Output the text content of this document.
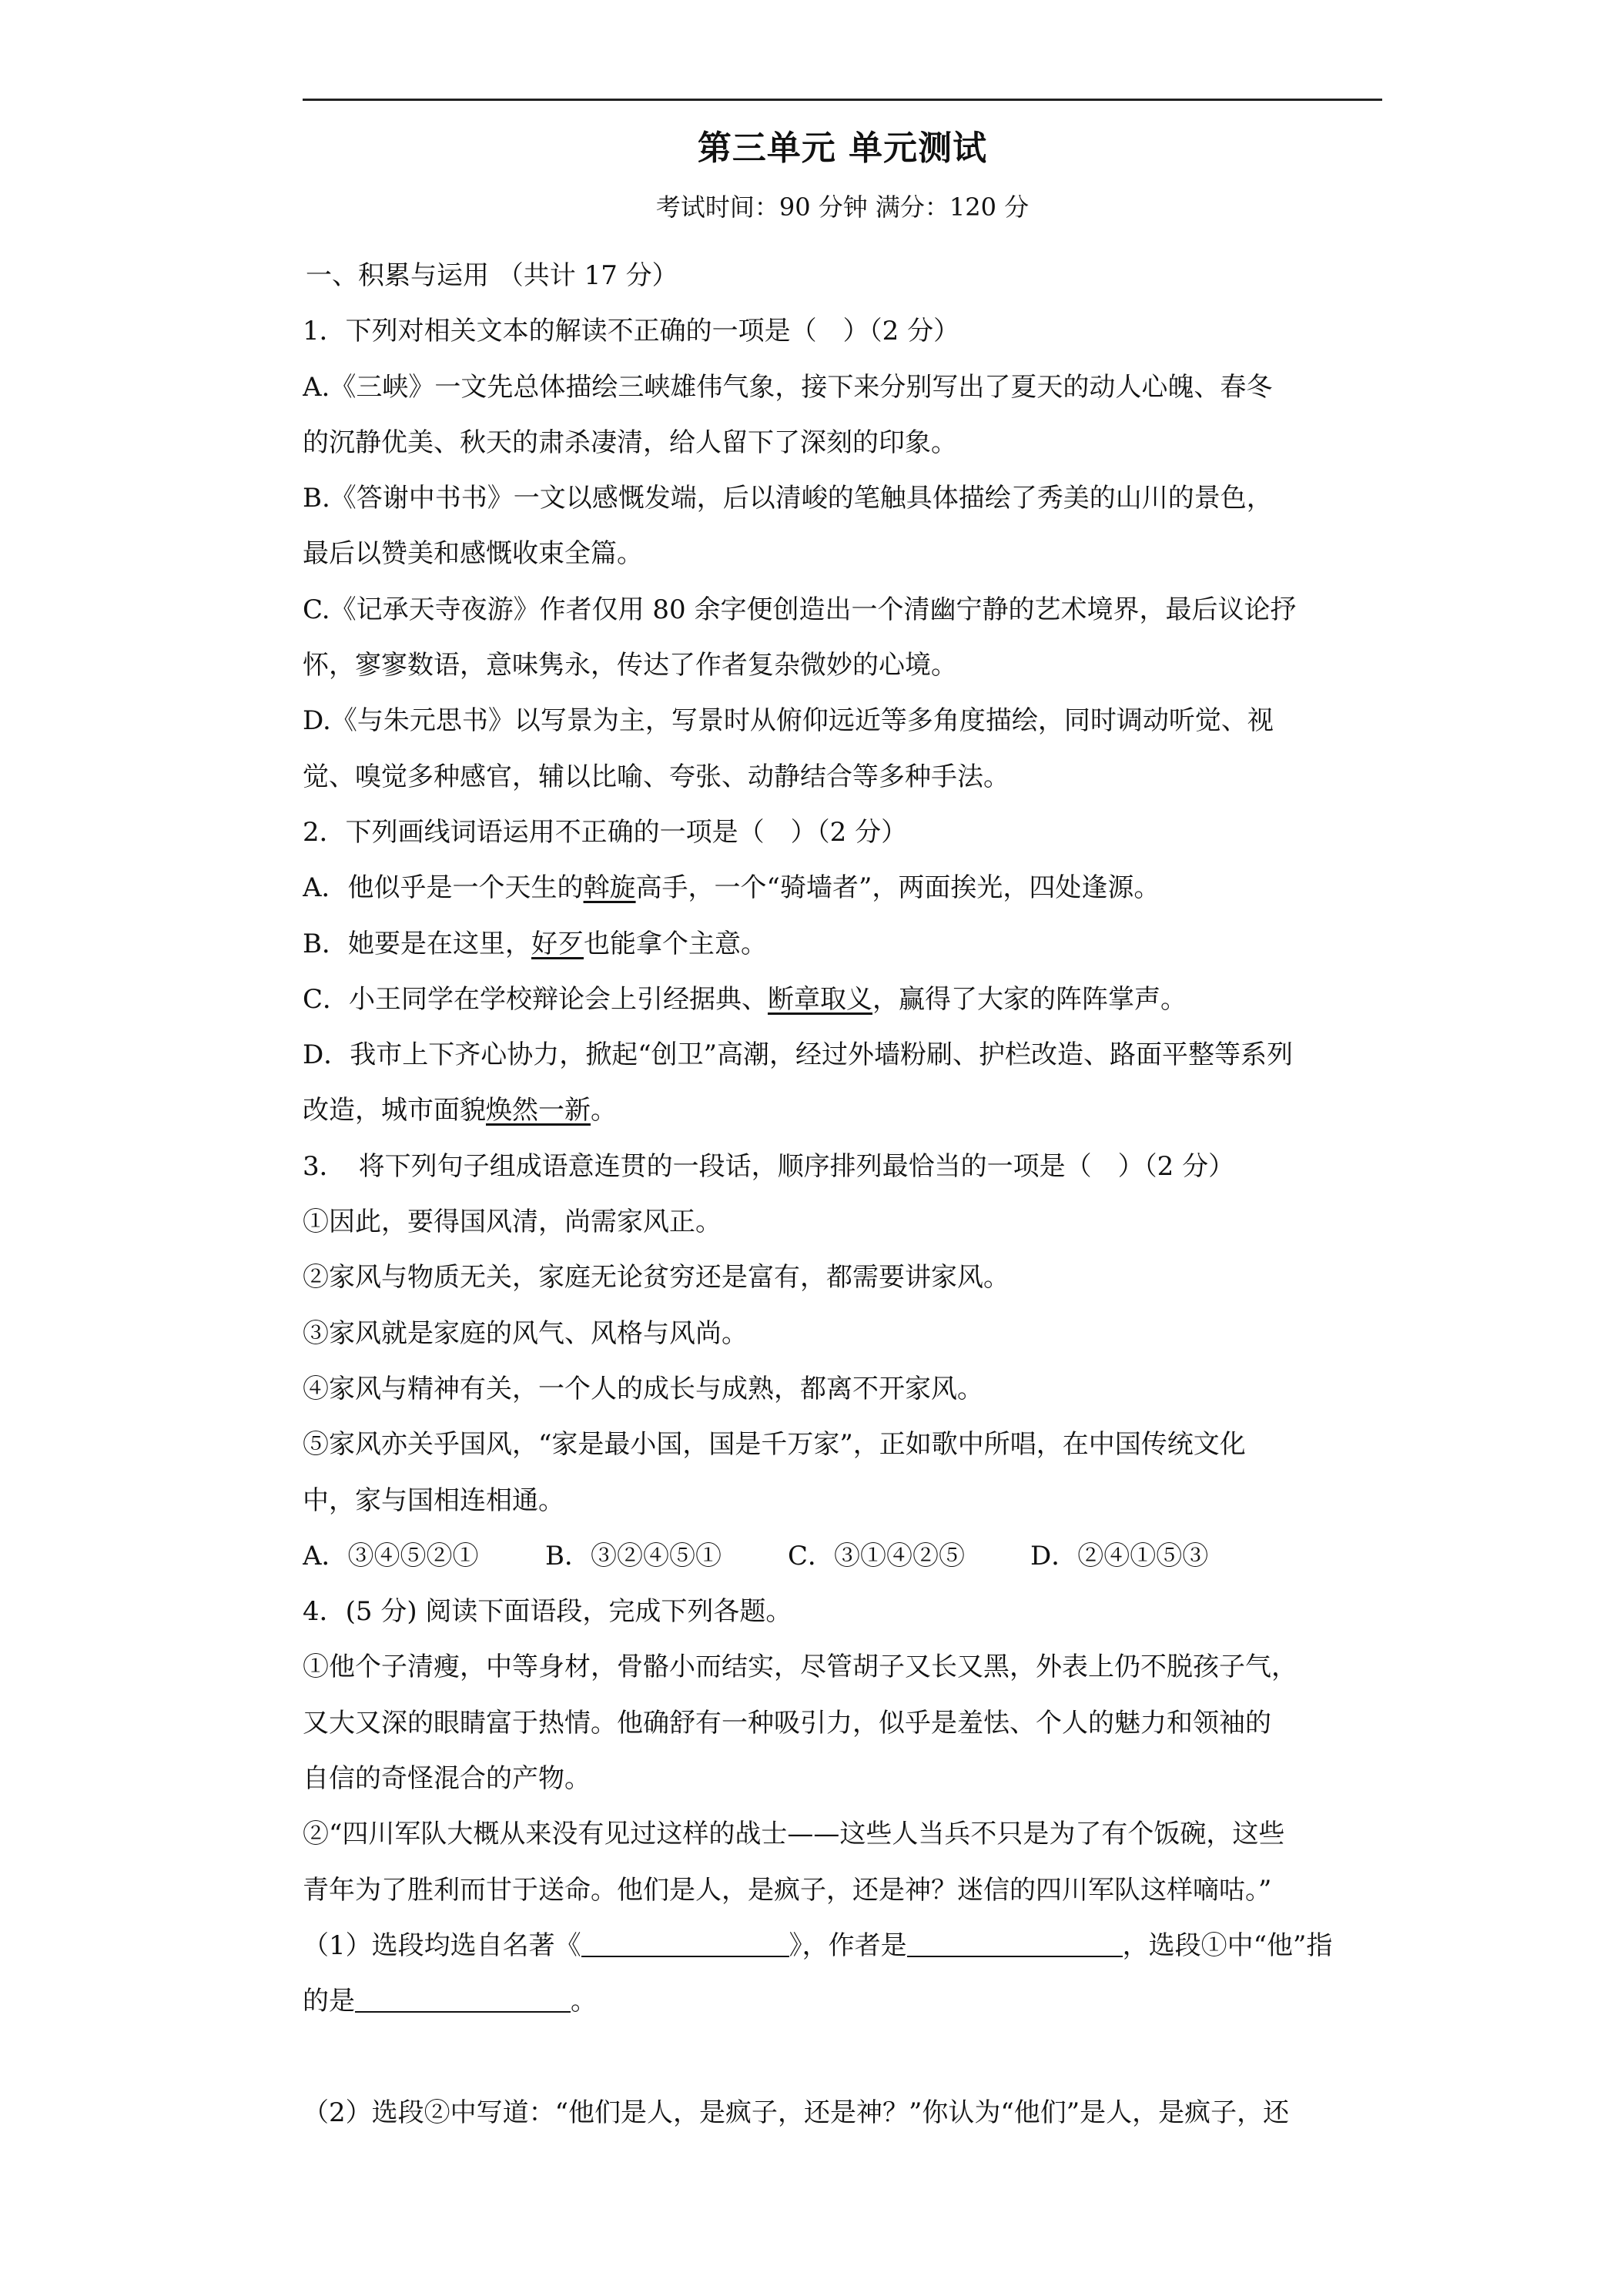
第三单元 单元测试
考试时间：90 分钟 满分：120 分
一、积累与运用 （共计 17 分）
1．下列对相关文本的解读不正确的一项是（　）（2 分）
A.《三峡》一文先总体描绘三峡雄伟气象，接下来分别写出了夏天的动人心魄、春冬
的沉静优美、秋天的肃杀凄清，给人留下了深刻的印象。
B.《答谢中书书》一文以感慨发端，后以清峻的笔触具体描绘了秀美的山川的景色，
最后以赞美和感慨收束全篇。
C.《记承天寺夜游》作者仅用 80 余字便创造出一个清幽宁静的艺术境界，最后议论抒
怀，寥寥数语，意味隽永，传达了作者复杂微妙的心境。
D.《与朱元思书》以写景为主，写景时从俯仰远近等多角度描绘，同时调动听觉、视
觉、嗅觉多种感官，辅以比喻、夸张、动静结合等多种手法。
2．下列画线词语运用不正确的一项是（　）（2 分）
A．他似乎是一个天生的斡旋高手，一个“骑墙者”，两面挨光，四处逢源。
B．她要是在这里，好歹也能拿个主意。
C．小王同学在学校辩论会上引经据典、断章取义，赢得了大家的阵阵掌声。
D．我市上下齐心协力，掀起“创卫”高潮，经过外墙粉刷、护栏改造、路面平整等系列
改造，城市面貌焕然一新。
3．　将下列句子组成语意连贯的一段话，顺序排列最恰当的一项是（　）（2 分）
①因此，要得国风清，尚需家风正。
②家风与物质无关，家庭无论贫穷还是富有，都需要讲家风。
③家风就是家庭的风气、风格与风尚。
④家风与精神有关，一个人的成长与成熟，都离不开家风。
⑤家风亦关乎国风，“家是最小国，国是千万家”，正如歌中所唱，在中国传统文化
中，家与国相连相通。
A．③④⑤②①	B．③②④⑤①	C．③①④②⑤ D．②④①⑤③
4．(5 分) 阅读下面语段，完成下列各题。
①他个子清瘦，中等身材，骨骼小而结实，尽管胡子又长又黑，外表上仍不脱孩子气，
又大又深的眼睛富于热情。他确舒有一种吸引力，似乎是羞怯、个人的魅力和领袖的
自信的奇怪混合的产物。
②“四川军队大概从来没有见过这样的战士——这些人当兵不只是为了有个饭碗，这些
青年为了胜利而甘于送命。他们是人，是疯子，还是神？迷信的四川军队这样嘀咕。”
（1）选段均选自名著《	》，作者是	，选段①中“他”指
的是	。
（2）选段②中写道：“他们是人，是疯子，还是神？”你认为“他们”是人，是疯子，还
